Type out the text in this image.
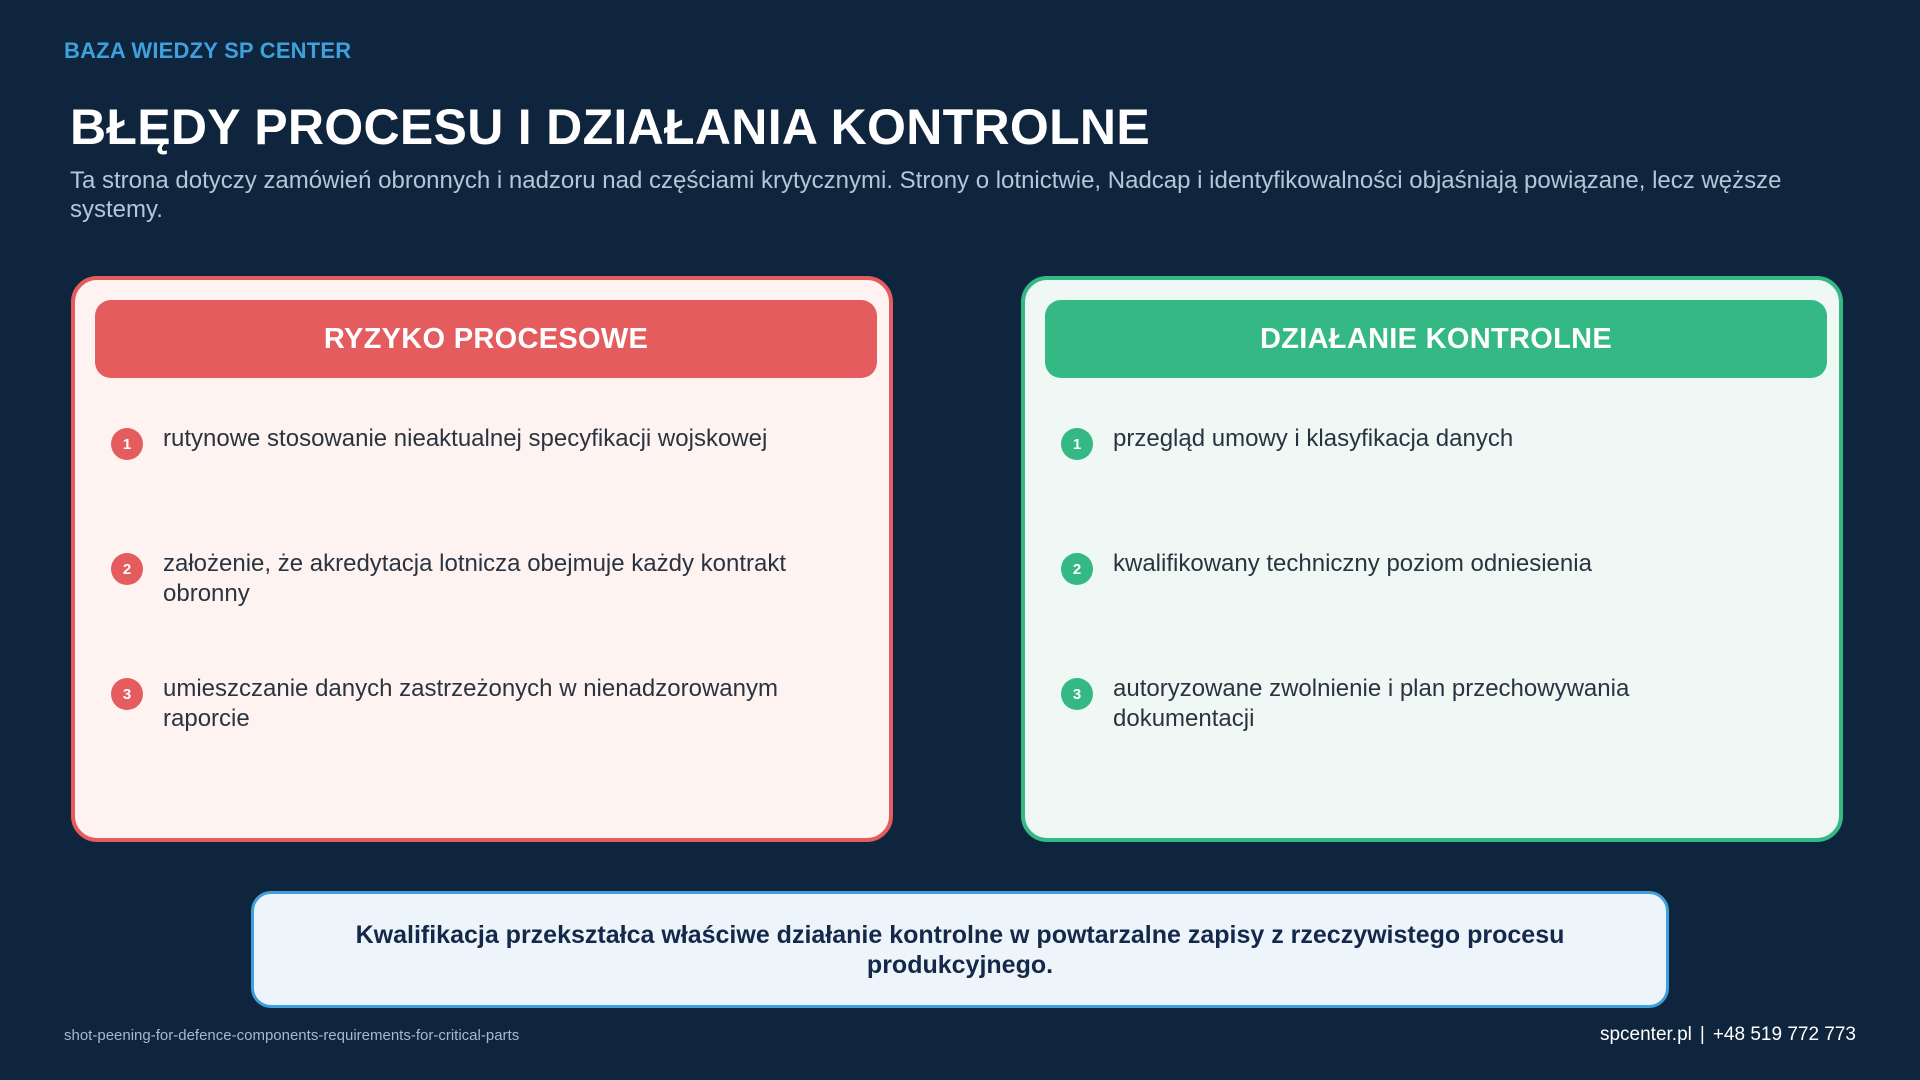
BAZA WIEDZY SP CENTER
BŁĘDY PROCESU I DZIAŁANIA KONTROLNE
Ta strona dotyczy zamówień obronnych i nadzoru nad częściami krytycznymi. Strony o lotnictwie, Nadcap i identyfikowalności objaśniają powiązane, lecz węższe systemy.
RYZYKO PROCESOWE
1	rutynowe stosowanie nieaktualnej specyfikacji wojskowej
2	założenie, że akredytacja lotnicza obejmuje każdy kontrakt obronny
3	umieszczanie danych zastrzeżonych w nienadzorowanym raporcie
DZIAŁANIE KONTROLNE
1	przegląd umowy i klasyfikacja danych
2	kwalifikowany techniczny poziom odniesienia
3	autoryzowane zwolnienie i plan przechowywania dokumentacji
Kwalifikacja przekształca właściwe działanie kontrolne w powtarzalne zapisy z rzeczywistego procesu produkcyjnego.
shot-peening-for-defence-components-requirements-for-critical-parts	spcenter.pl | +48 519 772 773
